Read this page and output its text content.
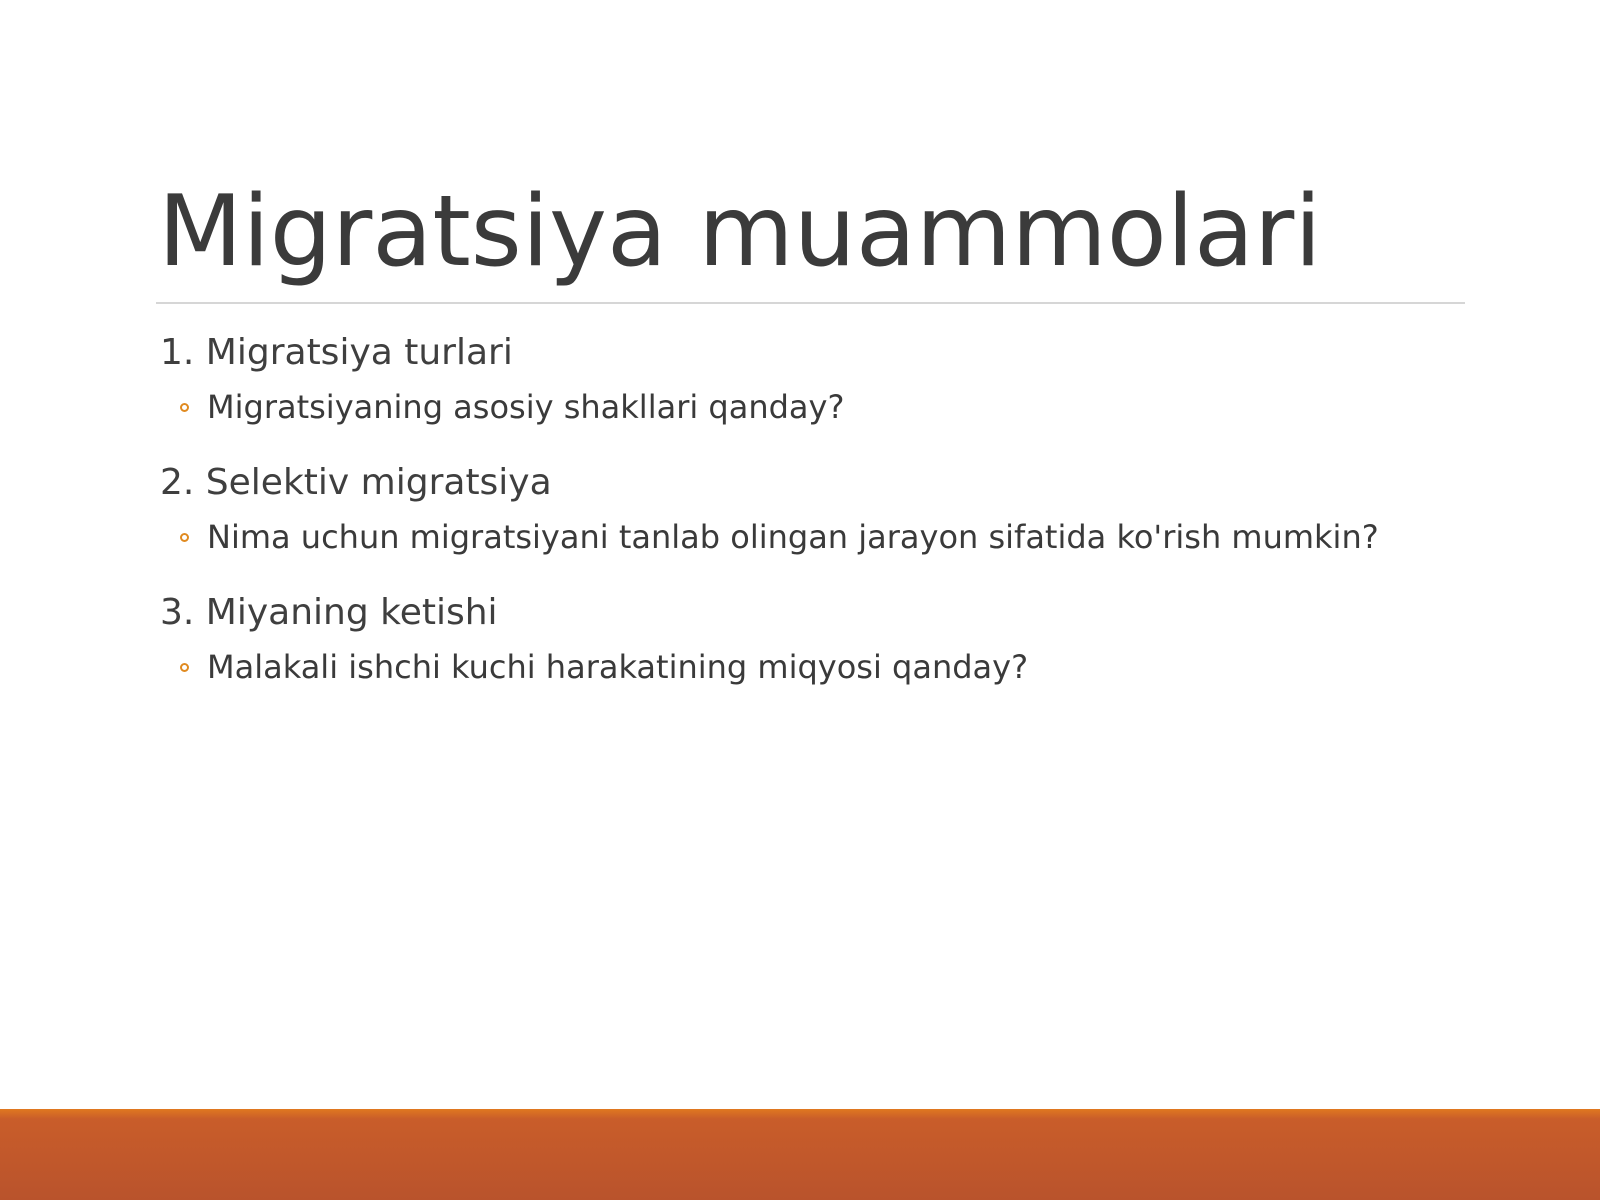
Migratsiya muammolari
1. Migratsiya turlari
Migratsiyaning asosiy shakllari qanday?
2. Selektiv migratsiya
Nima uchun migratsiyani tanlab olingan jarayon sifatida ko'rish mumkin?
3. Miyaning ketishi
Malakali ishchi kuchi harakatining miqyosi qanday?
